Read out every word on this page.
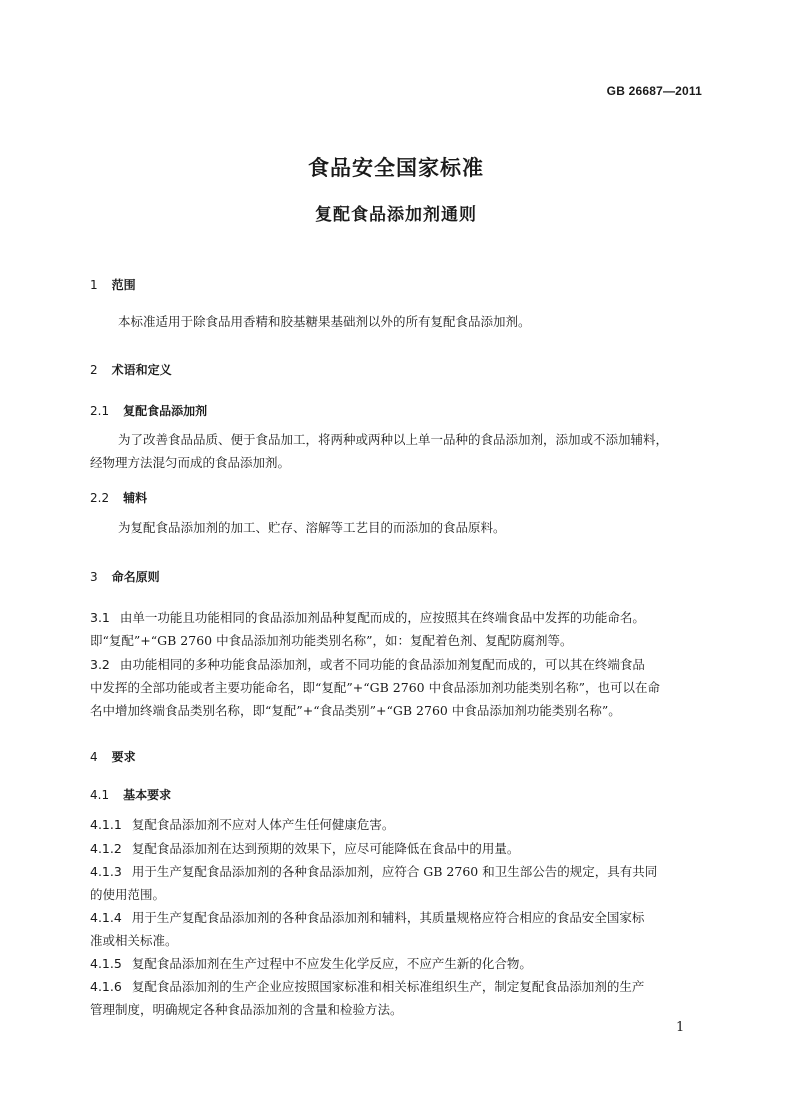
GB 26687—2011
食品安全国家标准
复配食品添加剂通则
1 范围
本标准适用于除食品用香精和胶基糖果基础剂以外的所有复配食品添加剂。
2 术语和定义
2.1 复配食品添加剂
为了改善食品品质、便于食品加工，将两种或两种以上单一品种的食品添加剂，添加或不添加辅料，
经物理方法混匀而成的食品添加剂。
2.2 辅料
为复配食品添加剂的加工、贮存、溶解等工艺目的而添加的食品原料。
3 命名原则
3.1 由单一功能且功能相同的食品添加剂品种复配而成的，应按照其在终端食品中发挥的功能命名。
即“复配”+“GB 2760 中食品添加剂功能类别名称”，如：复配着色剂、复配防腐剂等。
3.2 由功能相同的多种功能食品添加剂，或者不同功能的食品添加剂复配而成的，可以其在终端食品
中发挥的全部功能或者主要功能命名，即“复配”+“GB 2760 中食品添加剂功能类别名称”，也可以在命
名中增加终端食品类别名称，即“复配”+“食品类别”+“GB 2760 中食品添加剂功能类别名称”。
4 要求
4.1 基本要求
4.1.1 复配食品添加剂不应对人体产生任何健康危害。
4.1.2 复配食品添加剂在达到预期的效果下，应尽可能降低在食品中的用量。
4.1.3 用于生产复配食品添加剂的各种食品添加剂，应符合 GB 2760 和卫生部公告的规定，具有共同
的使用范围。
4.1.4 用于生产复配食品添加剂的各种食品添加剂和辅料，其质量规格应符合相应的食品安全国家标
准或相关标准。
4.1.5 复配食品添加剂在生产过程中不应发生化学反应，不应产生新的化合物。
4.1.6 复配食品添加剂的生产企业应按照国家标准和相关标准组织生产，制定复配食品添加剂的生产
管理制度，明确规定各种食品添加剂的含量和检验方法。
1
